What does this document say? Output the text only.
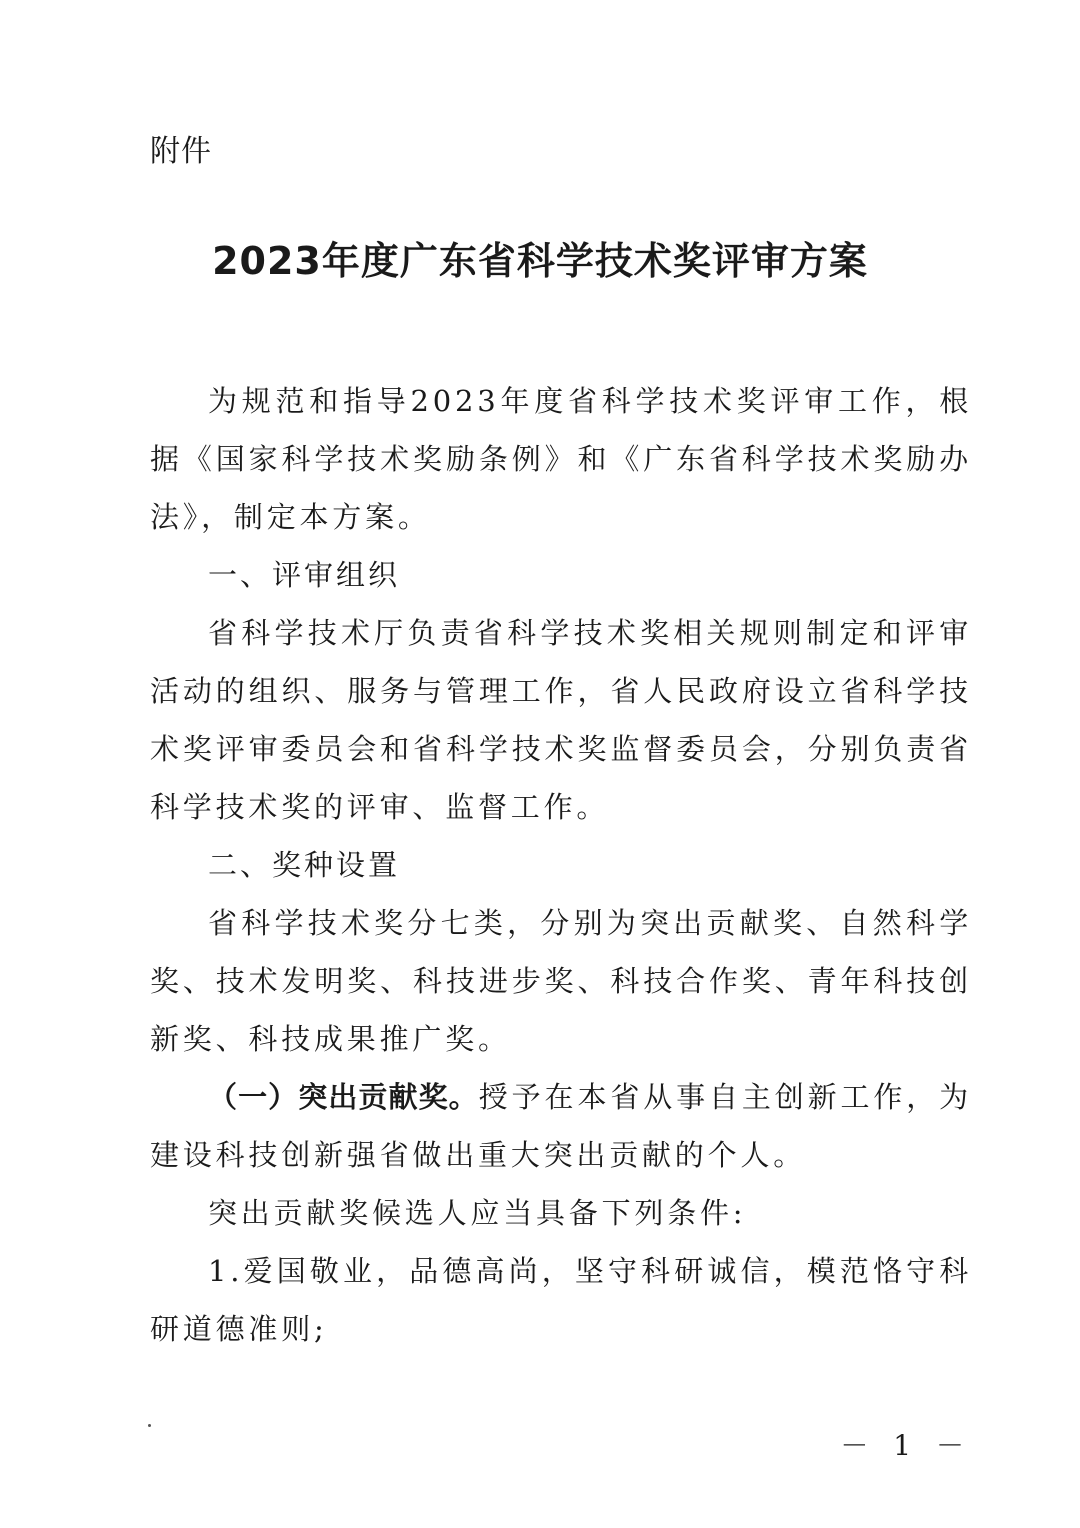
附件
2023年度广东省科学技术奖评审方案

为规范和指导2023年度省科学技术奖评审工作，根据《国家科学技术奖励条例》和《广东省科学技术奖励办法》，制定本方案。

一、评审组织

省科学技术厅负责省科学技术奖相关规则制定和评审活动的组织、服务与管理工作，省人民政府设立省科学技术奖评审委员会和省科学技术奖监督委员会，分别负责省科学技术奖的评审、监督工作。

二、奖种设置

省科学技术奖分七类，分别为突出贡献奖、自然科学奖、技术发明奖、科技进步奖、科技合作奖、青年科技创新奖、科技成果推广奖。

（一）突出贡献奖。授予在本省从事自主创新工作，为建设科技创新强省做出重大突出贡献的个人。

突出贡献奖候选人应当具备下列条件:

1.爱国敬业，品德高尚，坚守科研诚信，模范恪守科研道德准则;

－ 1 －
